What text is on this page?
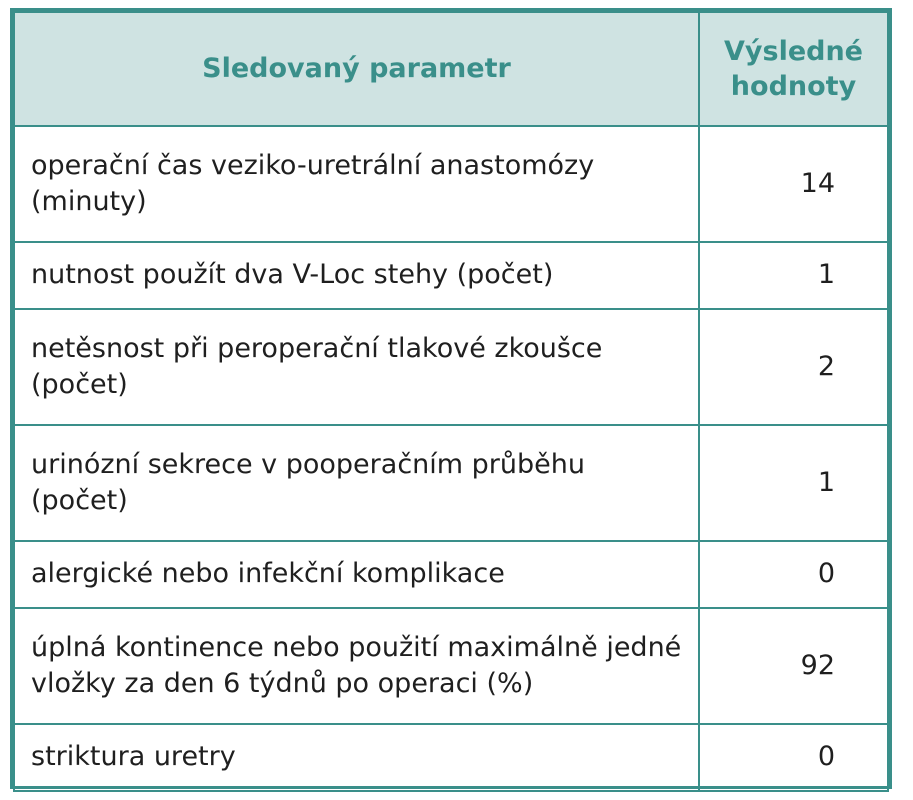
Sledovaný parametr	Výsledné hodnoty
operační čas veziko-uretrální anastomózy (minuty)	14
nutnost použít dva V-Loc stehy (počet)	1
netěsnost při peroperační tlakové zkoušce (počet)	2
urinózní sekrece v pooperačním průběhu (počet)	1
alergické nebo infekční komplikace	0
úplná kontinence nebo použití maximálně jedné vložky za den 6 týdnů po operaci (%)	92
striktura uretry	0
